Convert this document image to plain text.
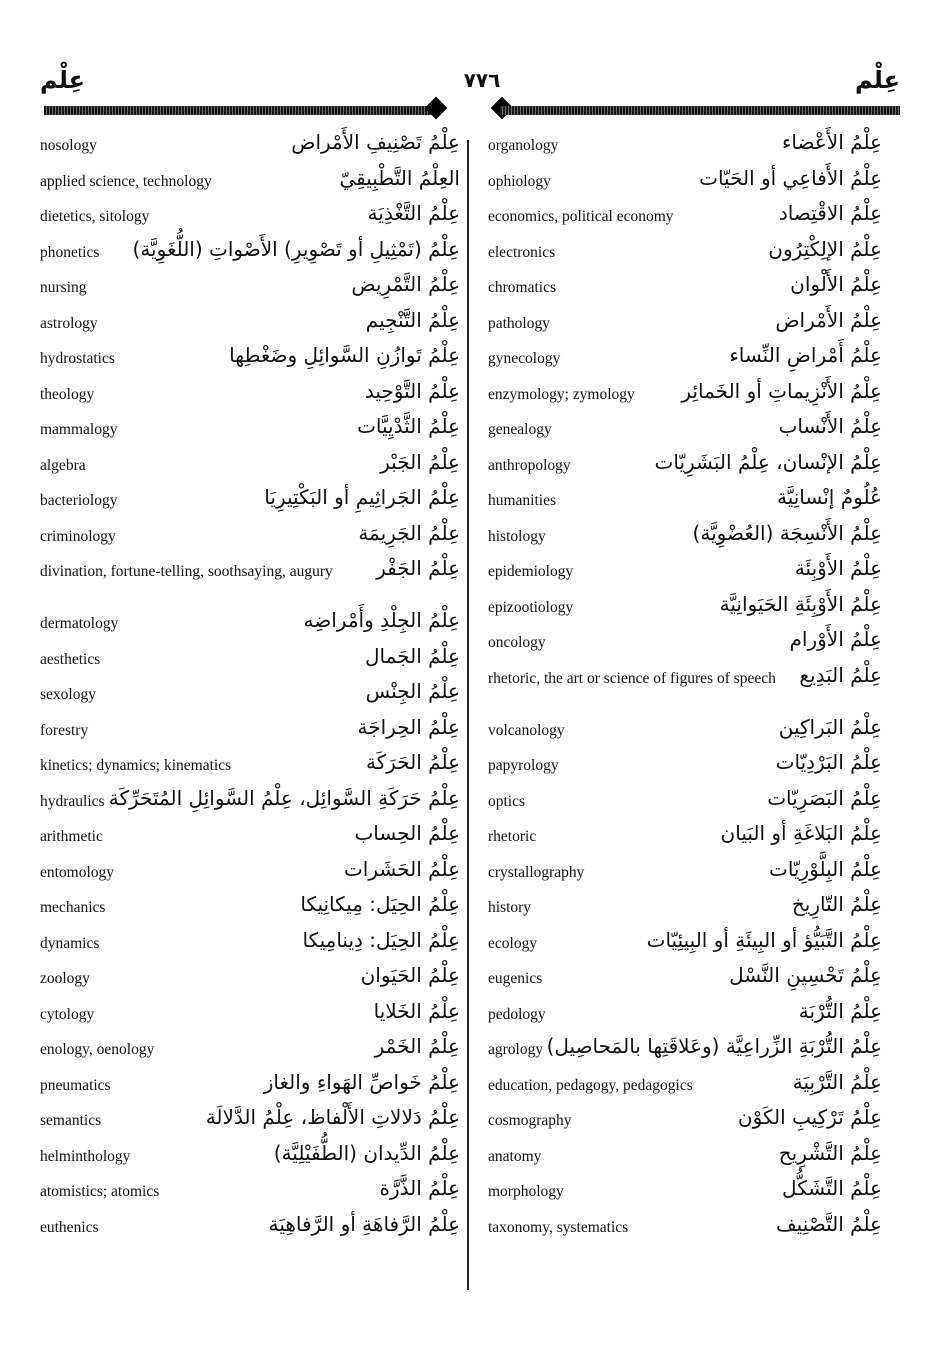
عِلْم	٧٧٦	عِلْم
nosology	عِلْمُ تَصْنِيفِ الأَمْراض
applied science, technology	العِلْمُ التَّطْبِيقِيّ
dietetics, sitology	عِلْمُ التَّغْذِيَة
phonetics	عِلْمُ (تَمْثِيلِ أو تَصْوِيرِ) الأَصْواتِ (اللُّغَوِيَّة)
nursing	عِلْمُ التَّمْرِيض
astrology	عِلْمُ التَّنْجِيم
hydrostatics	عِلْمُ تَوازُنِ السَّوائِلِ وضَغْطِها
theology	عِلْمُ التَّوْحِيد
mammalogy	عِلْمُ الثَّدْيِيَّات
algebra	عِلْمُ الجَبْر
bacteriology	عِلْمُ الجَراثِيمِ أو البَكْتِيرِيَا
criminology	عِلْمُ الجَرِيمَة
divination, fortune-telling, soothsaying, augury	عِلْمُ الجَفْر
dermatology	عِلْمُ الجِلْدِ وأَمْراضِه
aesthetics	عِلْمُ الجَمال
sexology	عِلْمُ الجِنْس
forestry	عِلْمُ الحِراجَة
kinetics; dynamics; kinematics	عِلْمُ الحَرَكَة
hydraulics عِلْمُ حَرَكَةِ السَّوائِل، عِلْمُ السَّوائِلِ المُتَحَرِّكَة
arithmetic	عِلْمُ الحِساب
entomology	عِلْمُ الحَشَرات
mechanics	عِلْمُ الحِيَل: مِيكانِيكا
dynamics	عِلْمُ الحِيَل: دِينامِيكا
zoology	عِلْمُ الحَيَوان
cytology	عِلْمُ الخَلايا
enology, oenology	عِلْمُ الخَمْر
pneumatics	عِلْمُ خَواصِّ الهَواءِ والغاز
semantics	عِلْمُ دَلالاتِ الأَلْفاظ، عِلْمُ الدَّلالَة
helminthology	عِلْمُ الدِّيدان (الطُّفَيْلِيَّة)
atomistics; atomics	عِلْمُ الذَّرَّة
euthenics	عِلْمُ الرَّفاهَةِ أو الرَّفاهِيَة
organology	عِلْمُ الأَعْضاء
ophiology	عِلْمُ الأَفاعِي أو الحَيّات
economics, political economy	عِلْمُ الاقْتِصاد
electronics	عِلْمُ الإلِكْتِرُون
chromatics	عِلْمُ الأَلْوان
pathology	عِلْمُ الأَمْراض
gynecology	عِلْمُ أَمْراضِ النِّساء
enzymology; zymology	عِلْمُ الأَنْزِيماتِ أو الخَمائِر
genealogy	عِلْمُ الأَنْساب
anthropology	عِلْمُ الإنْسان، عِلْمُ البَشَرِيّات
humanities	عُلُومٌ إنْسانِيَّة
histology	عِلْمُ الأَنْسِجَة (العُضْوِيَّة)
epidemiology	عِلْمُ الأَوْبِئَة
epizootiology	عِلْمُ الأَوْبِئَةِ الحَيَوانِيَّة
oncology	عِلْمُ الأَوْرام
rhetoric, the art or science of figures of speech	عِلْمُ البَدِيع
volcanology	عِلْمُ البَراكِين
papyrology	عِلْمُ البَرْدِيّات
optics	عِلْمُ البَصَرِيّات
rhetoric	عِلْمُ البَلاغَةِ أو البَيان
crystallography	عِلْمُ البِلَّوْرِيّات
history	عِلْمُ التّارِيخ
ecology	عِلْمُ التَّبَيُّؤ أو البِيئَةِ أو البِيئِيّات
eugenics	عِلْمُ تَحْسِينِ النَّسْل
pedology	عِلْمُ التُّرْبَة
agrology عِلْمُ التُّرْبَةِ الزِّراعِيَّة (وعَلاقَتِها بالمَحاصِيل)
education, pedagogy, pedagogics	عِلْمُ التَّرْبِيَة
cosmography	عِلْمُ تَرْكِيبِ الكَوْن
anatomy	عِلْمُ التَّشْرِيح
morphology	عِلْمُ التَّشَكُّل
taxonomy, systematics	عِلْمُ التَّصْنِيف
